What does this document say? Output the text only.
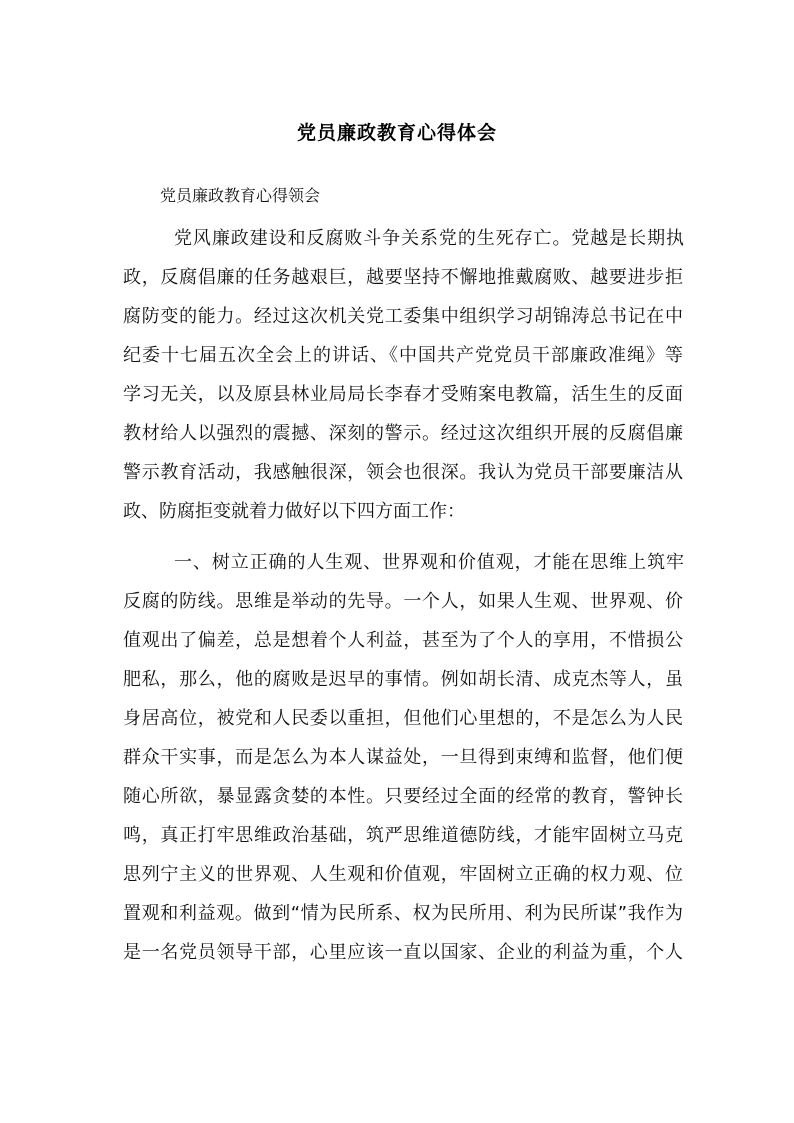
党员廉政教育心得体会
党员廉政教育心得领会
党风廉政建设和反腐败斗争关系党的生死存亡。党越是长期执
政，反腐倡廉的任务越艰巨，越要坚持不懈地推戴腐败、越要进步拒
腐防变的能力。经过这次机关党工委集中组织学习胡锦涛总书记在中
纪委十七届五次全会上的讲话、《中国共产党党员干部廉政准绳》等
学习无关，以及原县林业局局长李春才受贿案电教篇，活生生的反面
教材给人以强烈的震撼、深刻的警示。经过这次组织开展的反腐倡廉
警示教育活动，我感触很深，领会也很深。我认为党员干部要廉洁从
政、防腐拒变就着力做好以下四方面工作：
一、树立正确的人生观、世界观和价值观，才能在思维上筑牢
反腐的防线。思维是举动的先导。一个人，如果人生观、世界观、价
值观出了偏差，总是想着个人利益，甚至为了个人的享用，不惜损公
肥私，那么，他的腐败是迟早的事情。例如胡长清、成克杰等人，虽
身居高位，被党和人民委以重担，但他们心里想的，不是怎么为人民
群众干实事，而是怎么为本人谋益处，一旦得到束缚和监督，他们便
随心所欲，暴显露贪婪的本性。只要经过全面的经常的教育，警钟长
鸣，真正打牢思维政治基础，筑严思维道德防线，才能牢固树立马克
思列宁主义的世界观、人生观和价值观，牢固树立正确的权力观、位
置观和利益观。做到“情为民所系、权为民所用、利为民所谋”我作为
是一名党员领导干部，心里应该一直以国家、企业的利益为重，个人
